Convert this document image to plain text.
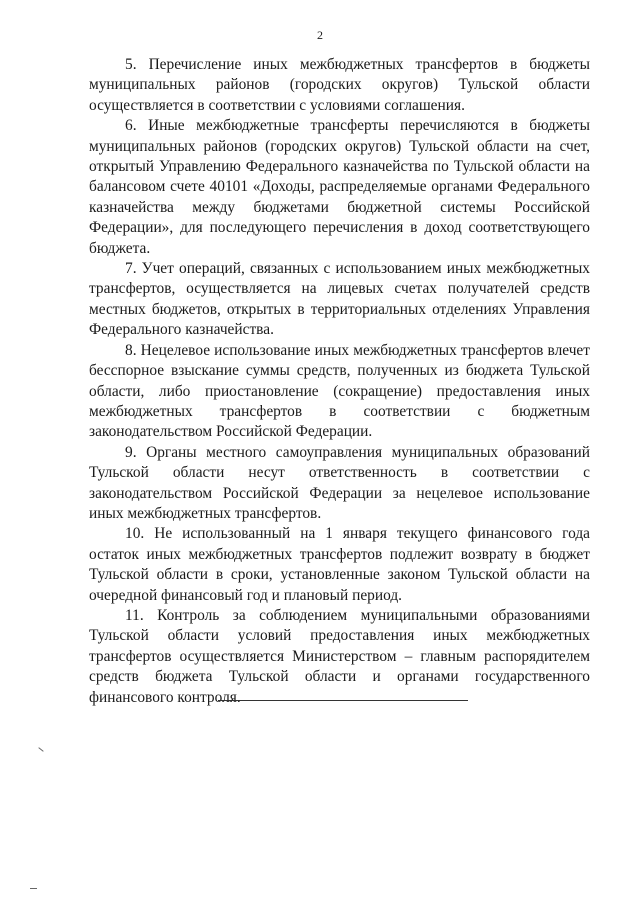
2

5. Перечисление иных межбюджетных трансфертов в бюджеты муниципальных районов (городских округов) Тульской области осуществляется в соответствии с условиями соглашения.

6. Иные межбюджетные трансферты перечисляются в бюджеты муниципальных районов (городских округов) Тульской области на счет, открытый Управлению Федерального казначейства по Тульской области на балансовом счете 40101 «Доходы, распределяемые органами Федерального казначейства между бюджетами бюджетной системы Российской Федерации», для последующего перечисления в доход соответствующего бюджета.

7. Учет операций, связанных с использованием иных межбюджетных трансфертов, осуществляется на лицевых счетах получателей средств местных бюджетов, открытых в территориальных отделениях Управления Федерального казначейства.

8. Нецелевое использование иных межбюджетных трансфертов влечет бесспорное взыскание суммы средств, полученных из бюджета Тульской области, либо приостановление (сокращение) предоставления иных межбюджетных трансфертов в соответствии с бюджетным законодательством Российской Федерации.

9. Органы местного самоуправления муниципальных образований Тульской области несут ответственность в соответствии с законодательством Российской Федерации за нецелевое использование иных межбюджетных трансфертов.

10. Не использованный на 1 января текущего финансового года остаток иных межбюджетных трансфертов подлежит возврату в бюджет Тульской области в сроки, установленные законом Тульской области на очередной финансовый год и плановый период.

11. Контроль за соблюдением муниципальными образованиями Тульской области условий предоставления иных межбюджетных трансфертов осуществляется Министерством – главным распорядителем средств бюджета Тульской области и органами государственного финансового контроля.
